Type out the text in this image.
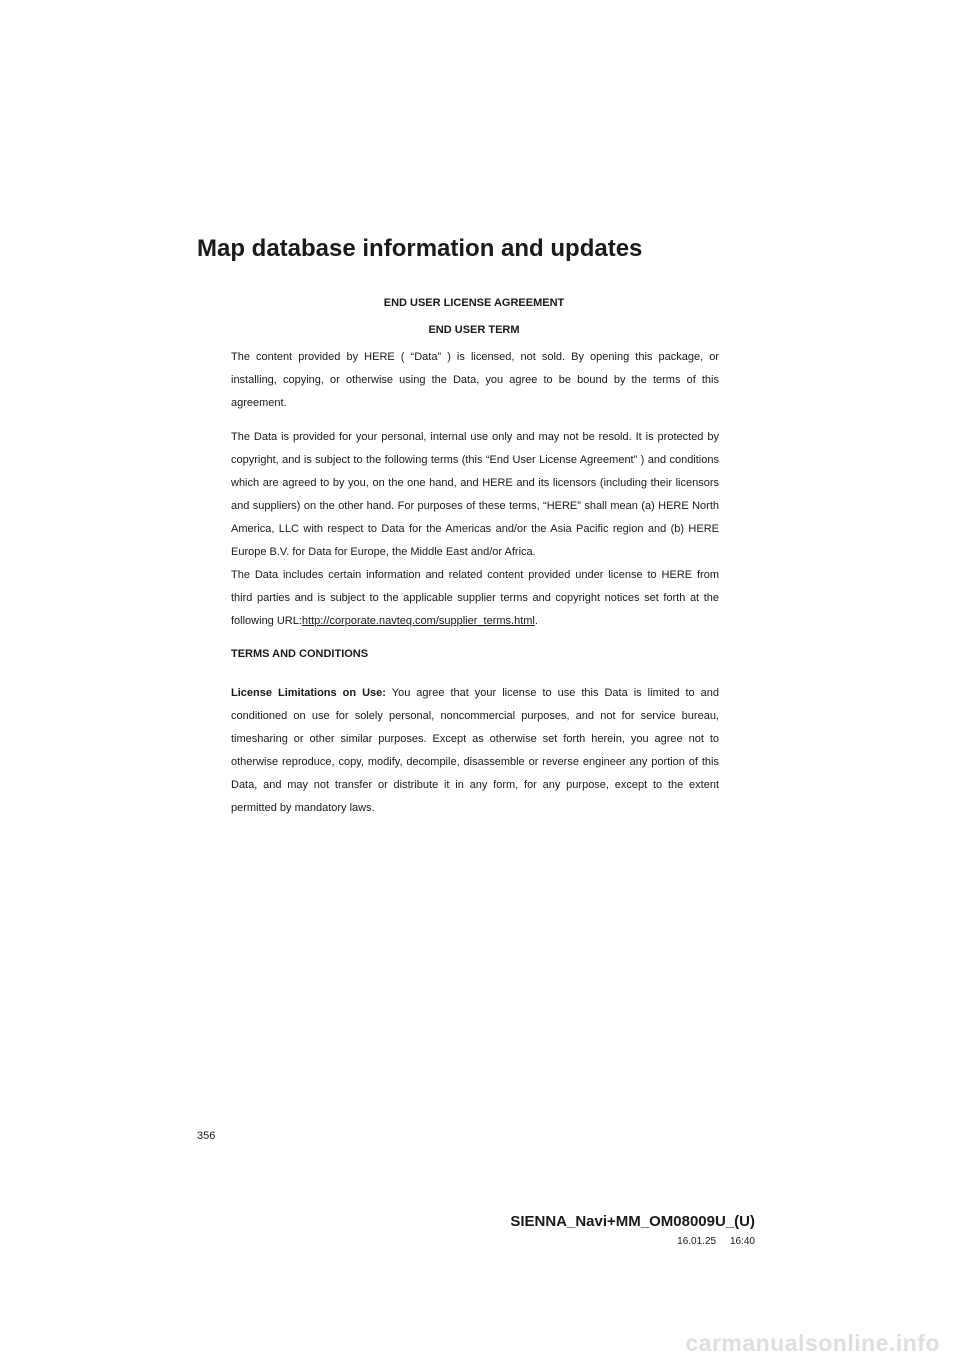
Map database information and updates
END USER LICENSE AGREEMENT
END USER TERM

The content provided by HERE ( “Data” ) is licensed, not sold. By opening this package, or installing, copying, or otherwise using the Data, you agree to be bound by the terms of this agreement.

The Data is provided for your personal, internal use only and may not be resold. It is protected by copyright, and is subject to the following terms (this “End User License Agreement” ) and conditions which are agreed to by you, on the one hand, and HERE and its licensors (including their licensors and suppliers) on the other hand. For purposes of these terms, “HERE” shall mean (a) HERE North America, LLC with respect to Data for the Americas and/or the Asia Pacific region and (b) HERE Europe B.V. for Data for Europe, the Middle East and/or Africa.

The Data includes certain information and related content provided under license to HERE from third parties and is subject to the applicable supplier terms and copyright notices set forth at the following URL:http://corporate.navteq.com/supplier_terms.html.

TERMS AND CONDITIONS

License Limitations on Use: You agree that your license to use this Data is limited to and conditioned on use for solely personal, noncommercial purposes, and not for service bureau, timesharing or other similar purposes. Except as otherwise set forth herein, you agree not to otherwise reproduce, copy, modify, decompile, disassemble or reverse engineer any portion of this Data, and may not transfer or distribute it in any form, for any purpose, except to the extent permitted by mandatory laws.

356
SIENNA_Navi+MM_OM08009U_(U)
16.01.25     16:40
carmanualsonline.info
